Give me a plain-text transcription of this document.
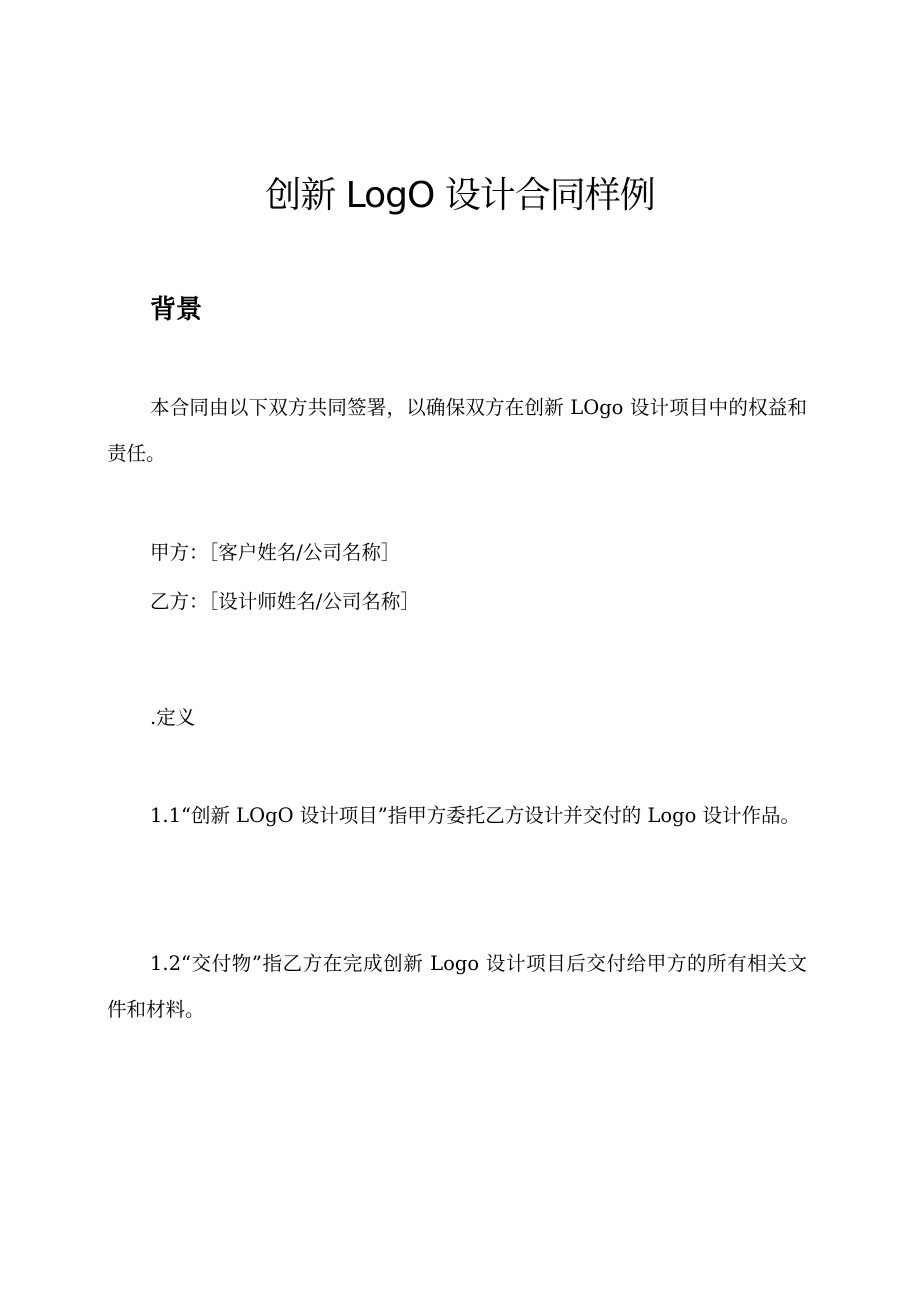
创新 LogO 设计合同样例
背景

本合同由以下双方共同签署，以确保双方在创新 LOgo 设计项目中的权益和责任。

甲方：［客户姓名/公司名称］

乙方：［设计师姓名/公司名称］

.定义

1.1“创新 LOgO 设计项目”指甲方委托乙方设计并交付的 Logo 设计作品。

1.2“交付物”指乙方在完成创新 Logo 设计项目后交付给甲方的所有相关文件和材料。
